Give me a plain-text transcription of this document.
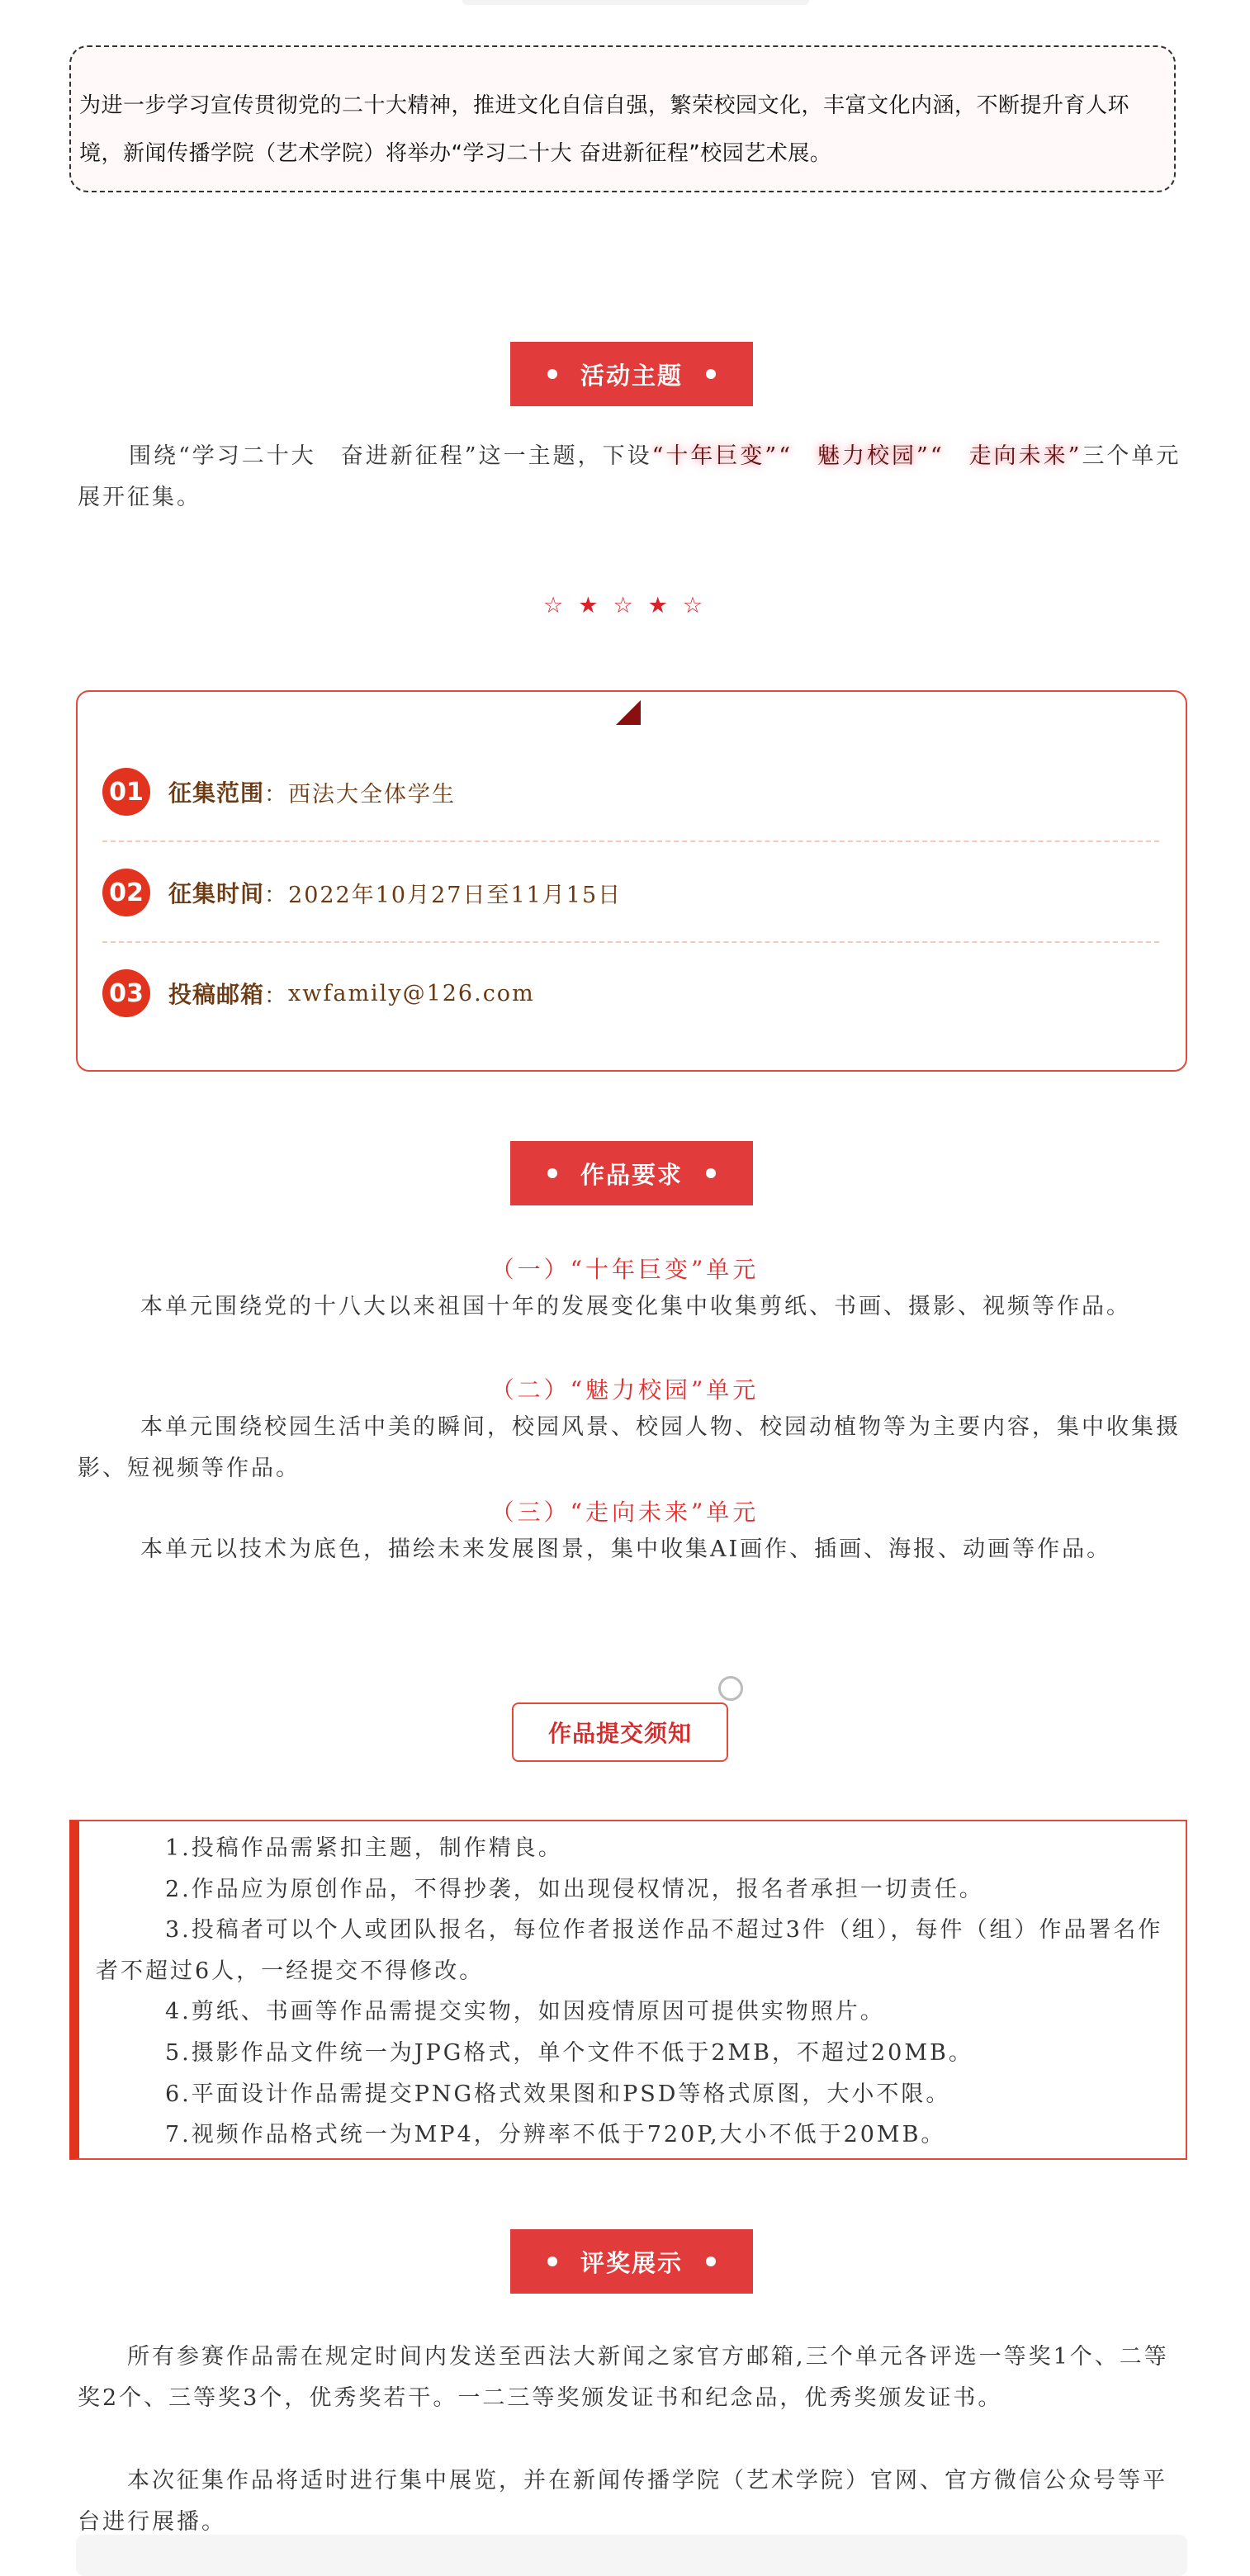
为进一步学习宣传贯彻党的二十大精神，推进文化自信自强，繁荣校园文化，丰富文化内涵，不断提升育人环境，新闻传播学院（艺术学院）将举办“学习二十大 奋进新征程”校园艺术展。
活动主题
围绕“学习二十大　奋进新征程”这一主题，下设“十年巨变”“　魅力校园”“　走向未来”三个单元展开征集。
☆ ★ ☆ ★ ☆
01 征集范围 ： 西法大全体学生
02 征集时间 ： 2022年10月27日至11月15日
03 投稿邮箱 ： xwfamily@126.com
作品要求
（一）“十年巨变”单元
本单元围绕党的十八大以来祖国十年的发展变化集中收集剪纸、书画、摄影、视频等作品。
（二）“魅力校园”单元
本单元围绕校园生活中美的瞬间，校园风景、校园人物、校园动植物等为主要内容，集中收集摄影、短视频等作品。
（三）“走向未来”单元
本单元以技术为底色，描绘未来发展图景，集中收集AI画作、插画、海报、动画等作品。
作品提交须知
1.投稿作品需紧扣主题，制作精良。
2.作品应为原创作品，不得抄袭，如出现侵权情况，报名者承担一切责任。
3.投稿者可以个人或团队报名，每位作者报送作品不超过3件（组），每件（组）作品署名作者不超过6人，一经提交不得修改。
4.剪纸、书画等作品需提交实物，如因疫情原因可提供实物照片。
5.摄影作品文件统一为JPG格式，单个文件不低于2MB，不超过20MB。
6.平面设计作品需提交PNG格式效果图和PSD等格式原图，大小不限。
7.视频作品格式统一为MP4，分辨率不低于720P,大小不低于20MB。
评奖展示
所有参赛作品需在规定时间内发送至西法大新闻之家官方邮箱,三个单元各评选一等奖1个、二等奖2个、三等奖3个，优秀奖若干。一二三等奖颁发证书和纪念品，优秀奖颁发证书。
本次征集作品将适时进行集中展览，并在新闻传播学院（艺术学院）官网、官方微信公众号等平台进行展播。
